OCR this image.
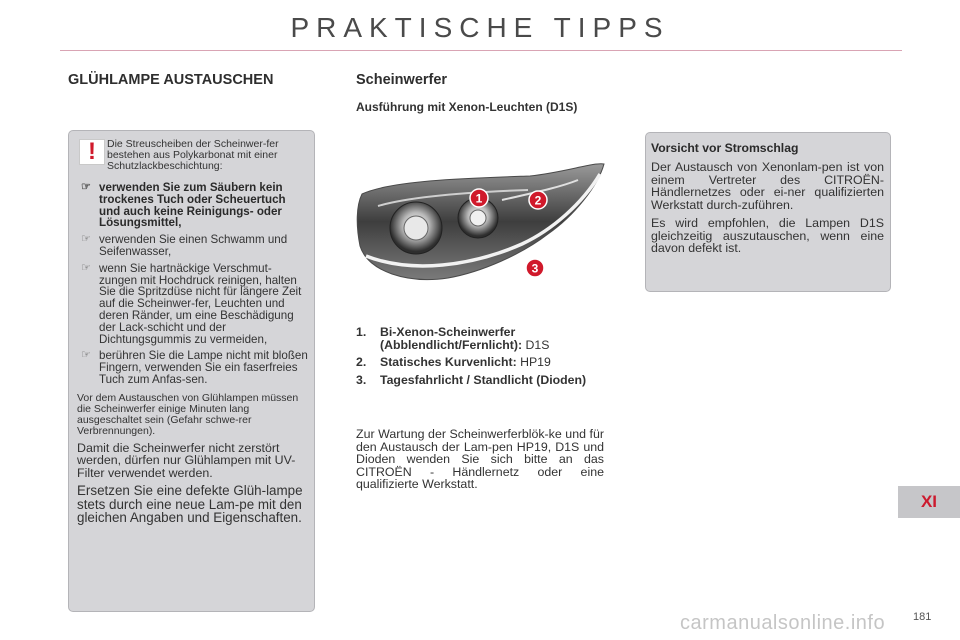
PRAKTISCHE TIPPS
GLÜHLAMPE AUSTAUSCHEN
!	Die Streuscheiben der Scheinwer-fer bestehen aus Polykarbonat mit einer Schutzlackbeschichtung:

☞ verwenden Sie zum Säubern kein trockenes Tuch oder Scheuertuch und auch keine Reinigungs- oder Lösungsmittel,
☞ verwenden Sie einen Schwamm und Seifenwasser,
☞ wenn Sie hartnäckige Verschmut-zungen mit Hochdruck reinigen, halten Sie die Spritzdüse nicht für längere Zeit auf die Scheinwer-fer, Leuchten und deren Ränder, um eine Beschädigung der Lack-schicht und der Dichtungsgummis zu vermeiden,
☞ berühren Sie die Lampe nicht mit bloßen Fingern, verwenden Sie ein faserfreies Tuch zum Anfas-sen.

Vor dem Austauschen von Glühlampen müssen die Scheinwerfer einige Minuten lang ausgeschaltet sein (Gefahr schwe-rer Verbrennungen).

Damit die Scheinwerfer nicht zerstört werden, dürfen nur Glühlampen mit UV-Filter verwendet werden.

Ersetzen Sie eine defekte Glüh-lampe stets durch eine neue Lam-pe mit den gleichen Angaben und Eigenschaften.

Scheinwerfer
Ausführung mit Xenon-Leuchten (D1S)
1	2
3
1. Bi-Xenon-Scheinwerfer (Abblendlicht/Fernlicht): D1S
2. Statisches Kurvenlicht: HP19
3. Tagesfahrlicht / Standlicht (Dioden)

Zur Wartung der Scheinwerferblök-ke und für den Austausch der Lam-pen HP19, D1S und Dioden wenden Sie sich bitte an das CITROËN - Händlernetz oder eine qualifizierte Werkstatt.

Vorsicht vor Stromschlag

Der Austausch von Xenonlam-pen ist von einem Vertreter des CITROËN-Händlernetzes oder ei-ner qualifizierten Werkstatt durch-zuführen.

Es wird empfohlen, die Lampen D1S gleichzeitig auszutauschen, wenn eine davon defekt ist.

XI
181
carmanualsonline.info
